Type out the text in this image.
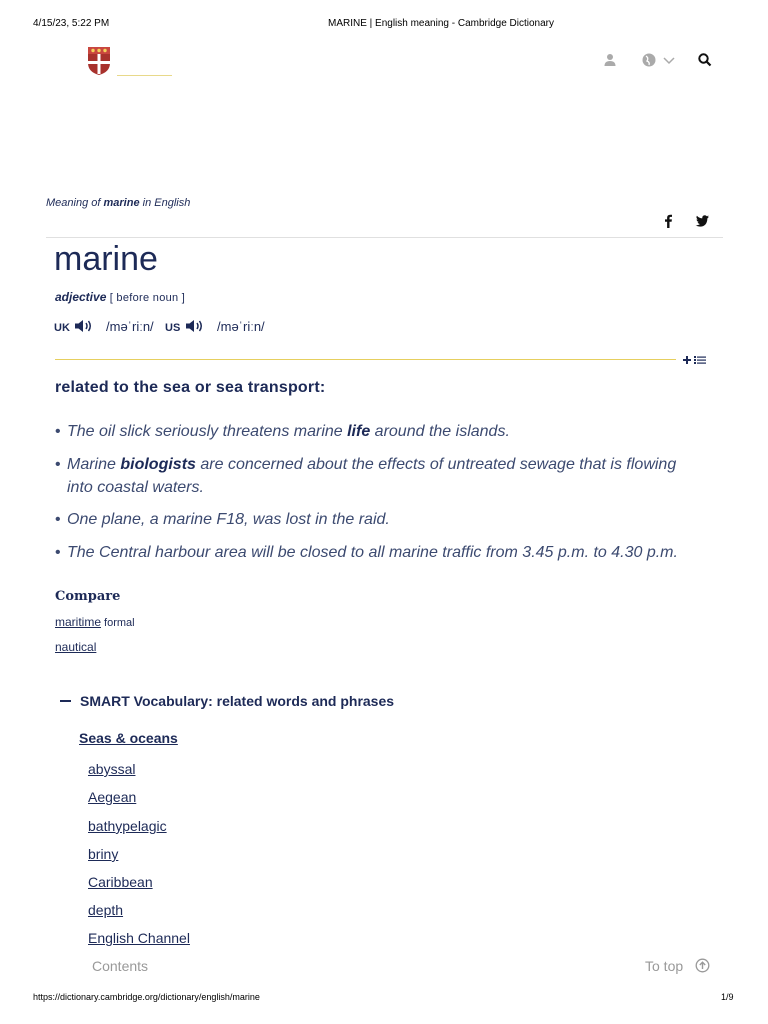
4/15/23, 5:22 PM	MARINE | English meaning - Cambridge Dictionary
Meaning of marine in English
marine
adjective [ before noun ]
UK	/məˈriːn/ US	/məˈriːn/
related to the sea or sea transport:
• The oil slick seriously threatens marine life around the islands.
• Marine biologists are concerned about the effects of untreated sewage that is flowing into coastal waters.
• One plane, a marine F18, was lost in the raid.
• The Central harbour area will be closed to all marine traffic from 3.45 p.m. to 4.30 p.m.
Compare
maritime formal
nautical
SMART Vocabulary: related words and phrases
Seas & oceans
abyssal
Aegean
bathypelagic
briny
Caribbean
depth
English Channel
Contents	To top
https://dictionary.cambridge.org/dictionary/english/marine	1/9
